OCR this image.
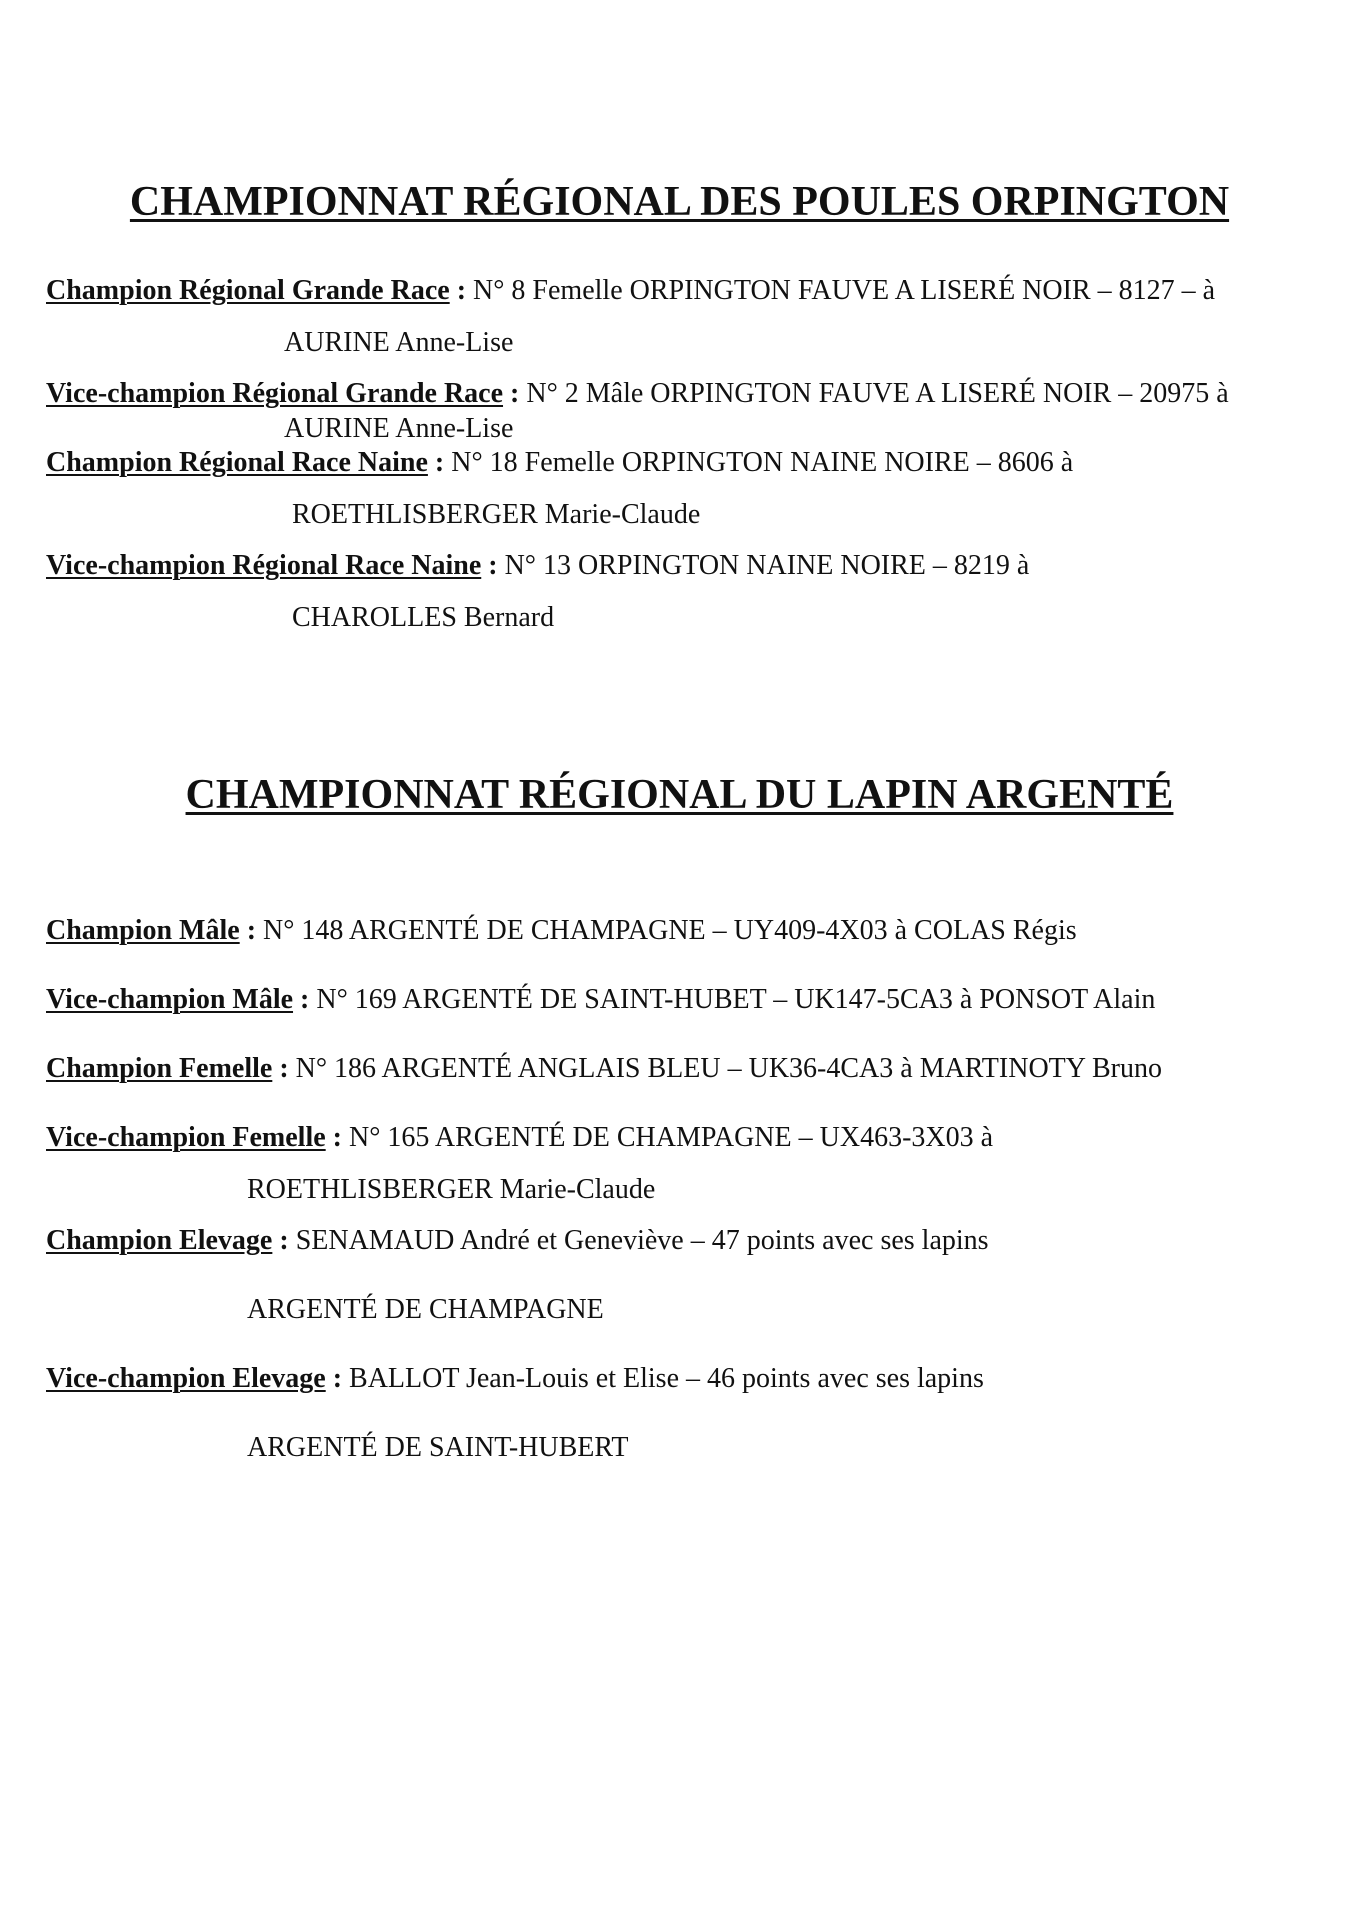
CHAMPIONNAT RÉGIONAL DES POULES ORPINGTON
Champion Régional Grande Race : N° 8 Femelle ORPINGTON FAUVE A LISERÉ NOIR – 8127 – à
AURINE Anne-Lise
Vice-champion Régional Grande Race : N° 2 Mâle ORPINGTON FAUVE A LISERÉ NOIR – 20975 à
AURINE Anne-Lise
Champion Régional Race Naine : N° 18 Femelle ORPINGTON NAINE NOIRE – 8606 à
ROETHLISBERGER Marie-Claude
Vice-champion Régional Race Naine : N° 13 ORPINGTON NAINE NOIRE – 8219 à
CHAROLLES Bernard
CHAMPIONNAT RÉGIONAL DU LAPIN ARGENTÉ
Champion Mâle : N° 148 ARGENTÉ DE CHAMPAGNE – UY409-4X03 à COLAS Régis
Vice-champion Mâle : N° 169 ARGENTÉ DE SAINT-HUBET – UK147-5CA3 à PONSOT Alain
Champion Femelle : N° 186 ARGENTÉ ANGLAIS BLEU – UK36-4CA3 à MARTINOTY Bruno
Vice-champion Femelle : N° 165 ARGENTÉ DE CHAMPAGNE – UX463-3X03 à
ROETHLISBERGER Marie-Claude
Champion Elevage : SENAMAUD André et Geneviève – 47 points avec ses lapins
ARGENTÉ DE CHAMPAGNE
Vice-champion Elevage : BALLOT Jean-Louis et Elise – 46 points avec ses lapins
ARGENTÉ DE SAINT-HUBERT
